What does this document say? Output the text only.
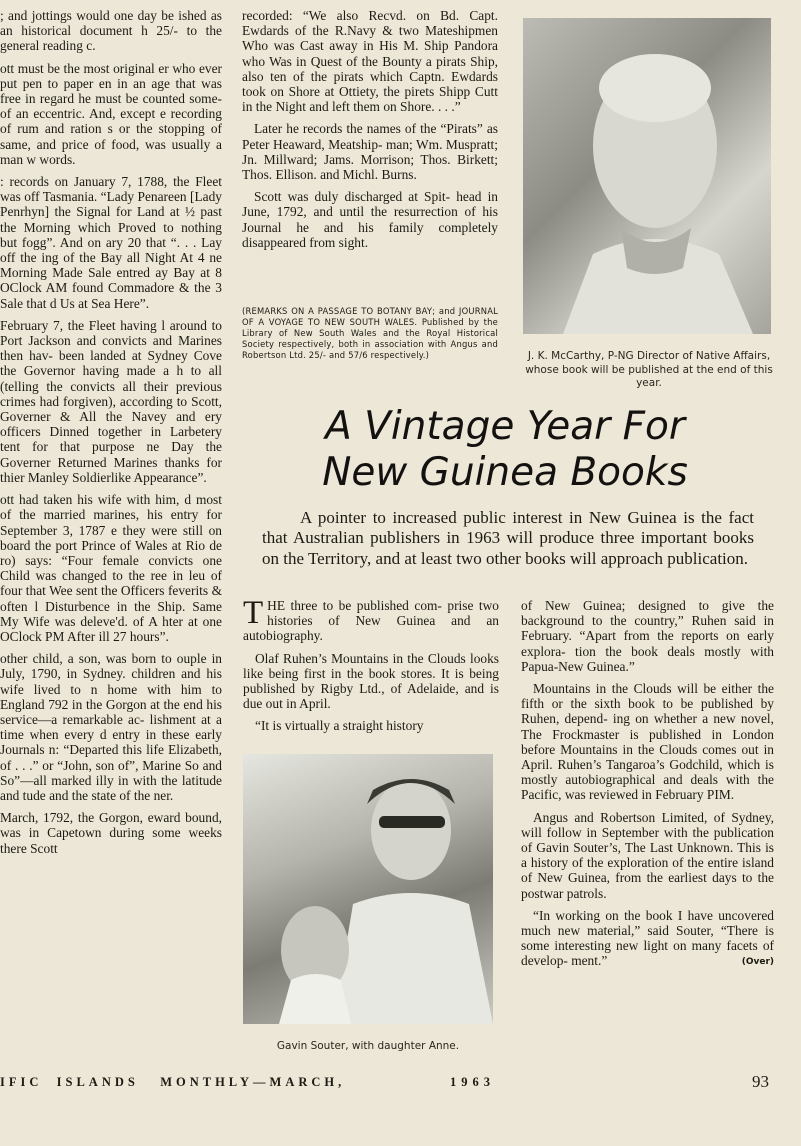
; and jottings would one day be ished as an historical document h 25/- to the general reading c.

ott must be the most original er who ever put pen to paper en in an age that was free in regard he must be counted some- of an eccentric. And, except e recording of rum and ration s or the stopping of same, and price of food, was usually a man w words.

: records on January 7, 1788, the Fleet was off Tasmania. “Lady Penareen [Lady Penrhyn] the Signal for Land at ½ past the Morning which Proved to nothing but fogg”. And on ary 20 that “. . . Lay off the ing of the Bay all Night At 4 ne Morning Made Sale entred ay Bay at 8 OClock AM found Commadore & the 3 Sale that d Us at Sea Here”.

February 7, the Fleet having l around to Port Jackson and convicts and Marines then hav- been landed at Sydney Cove the Governor having made a h to all (telling the convicts all their previous crimes had forgiven), according to Scott, Governer & All the Navey and ery officers Dinned together in Larbetery tent for that purpose ne Day the Governer Returned Marines thanks for thier Manley Soldierlike Appearance”.

ott had taken his wife with him, d most of the married marines, his entry for September 3, 1787 e they were still on board the port Prince of Wales at Rio de ro) says: “Four female convicts one Child was changed to the ree in leu of four that Wee sent the Officers feverits & often l Disturbence in the Ship. Same My Wife was deleve'd. of A hter at one OClock PM After ill 27 hours”.

other child, a son, was born to ouple in July, 1790, in Sydney. children and his wife lived to n home with him to England 792 in the Gorgon at the end his service—a remarkable ac- lishment at a time when every d entry in these early Journals n: “Departed this life Elizabeth, of . . .” or “John, son of”, Marine So and So”—all marked illy in with the latitude and tude and the state of the ner.

March, 1792, the Gorgon, eward bound, was in Capetown during some weeks there Scott

recorded: “We also Recvd. on Bd. Capt. Ewdards of the R.Navy & two Mateshipmen Who was Cast away in His M. Ship Pandora who Was in Quest of the Bounty a pirats Ship, also ten of the pirats which Captn. Ewdards took on Shore at Ottiety, the pirets Shipp Cutt in the Night and left them on Shore. . . .”

Later he records the names of the “Pirats” as Peter Heaward, Meatship- man; Wm. Muspratt; Jn. Millward; Jams. Morrison; Thos. Birkett; Thos. Ellison. and Michl. Burns.

Scott was duly discharged at Spit- head in June, 1792, and until the resurrection of his Journal he and his family completely disappeared from sight.

(REMARKS ON A PASSAGE TO BOTANY BAY; and JOURNAL OF A VOYAGE TO NEW SOUTH WALES. Published by the Library of New South Wales and the Royal Historical Society respectively, both in association with Angus and Robertson Ltd. 25/- and 57/6 respectively.)	J. K. McCarthy, P-NG Director of Native Affairs, whose book will be published at the end of this year.
A Vintage Year For
New Guinea Books
A pointer to increased public interest in New Guinea is the fact that Australian publishers in 1963 will produce three important books on the Territory, and at least two other books will approach publication.

THE three to be published com- prise two histories of New Guinea and an autobiography.

Olaf Ruhen’s Mountains in the Clouds looks like being first in the book stores. It is being published by Rigby Ltd., of Adelaide, and is due out in April.

“It is virtually a straight history

Gavin Souter, with daughter Anne.

of New Guinea; designed to give the background to the country,” Ruhen said in February. “Apart from the reports on early explora- tion the book deals mostly with Papua-New Guinea.”

Mountains in the Clouds will be either the fifth or the sixth book to be published by Ruhen, depend- ing on whether a new novel, The Frockmaster is published in London before Mountains in the Clouds comes out in April. Ruhen’s Tangaroa’s Godchild, which is mostly autobiographical and deals with the Pacific, was reviewed in February PIM.

Angus and Robertson Limited, of Sydney, will follow in September with the publication of Gavin Souter’s, The Last Unknown. This is a history of the exploration of the entire island of New Guinea, from the earliest days to the postwar patrols.

“In working on the book I have uncovered much new material,” said Souter, “There is some interesting new light on many facets of develop- ment.”	(Over)

IFIC  ISLANDS   MONTHLY—MARCH,

	1963

	93
